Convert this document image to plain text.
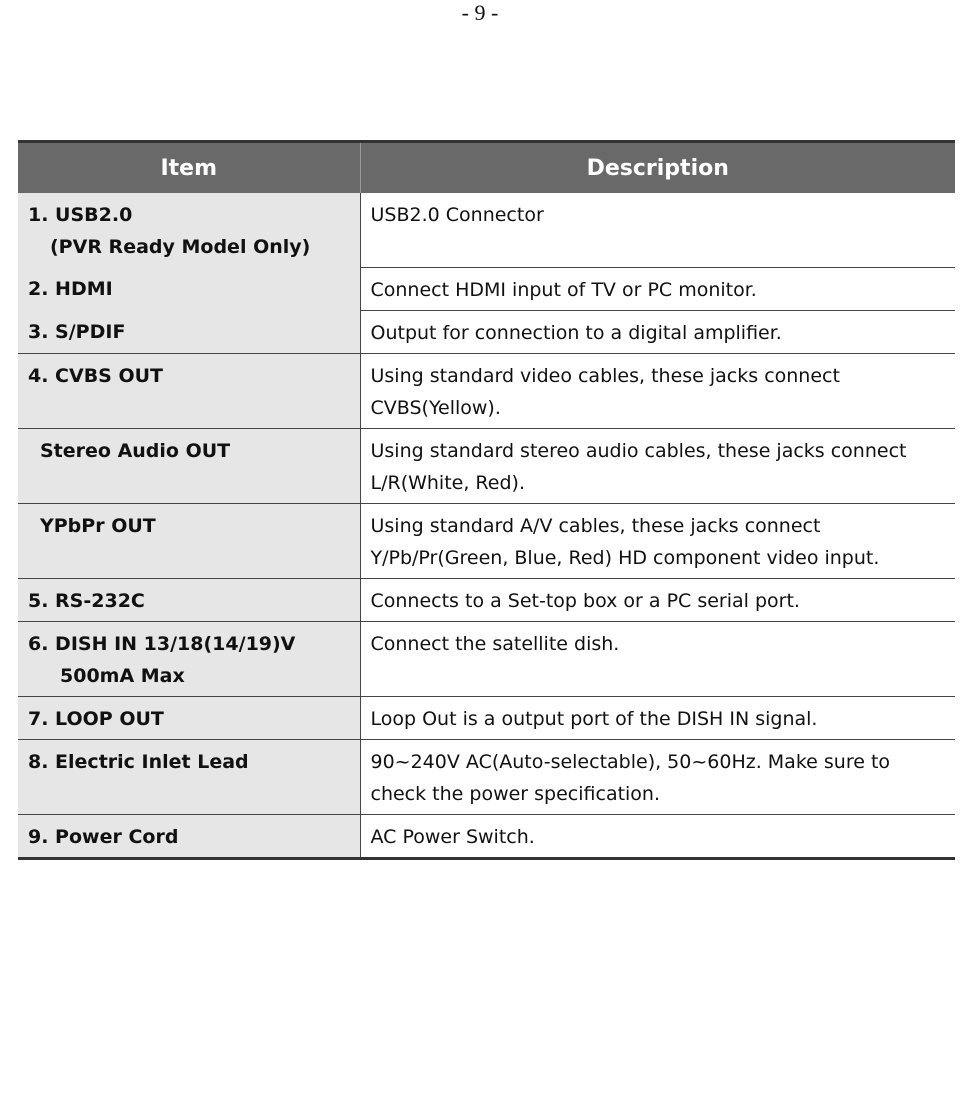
- 9 -
Item	Description
1. USB2.0
(PVR Ready Model Only)	USB2.0 Connector
2. HDMI	Connect HDMI input of TV or PC monitor.
3. S/PDIF	Output for connection to a digital amplifier.
4. CVBS OUT	Using standard video cables, these jacks connect CVBS(Yellow).
Stereo Audio OUT	Using standard stereo audio cables, these jacks connect L/R(White, Red).
YPbPr OUT	Using standard A/V cables, these jacks connect Y/Pb/Pr(Green, Blue, Red) HD component video input.
5. RS-232C	Connects to a Set-top box or a PC serial port.
6. DISH IN 13/18(14/19)V
500mA Max	Connect the satellite dish.
7. LOOP OUT	Loop Out is a output port of the DISH IN signal.
8. Electric Inlet Lead	90~240V AC(Auto-selectable), 50~60Hz. Make sure to check the power specification.
9. Power Cord	AC Power Switch.
